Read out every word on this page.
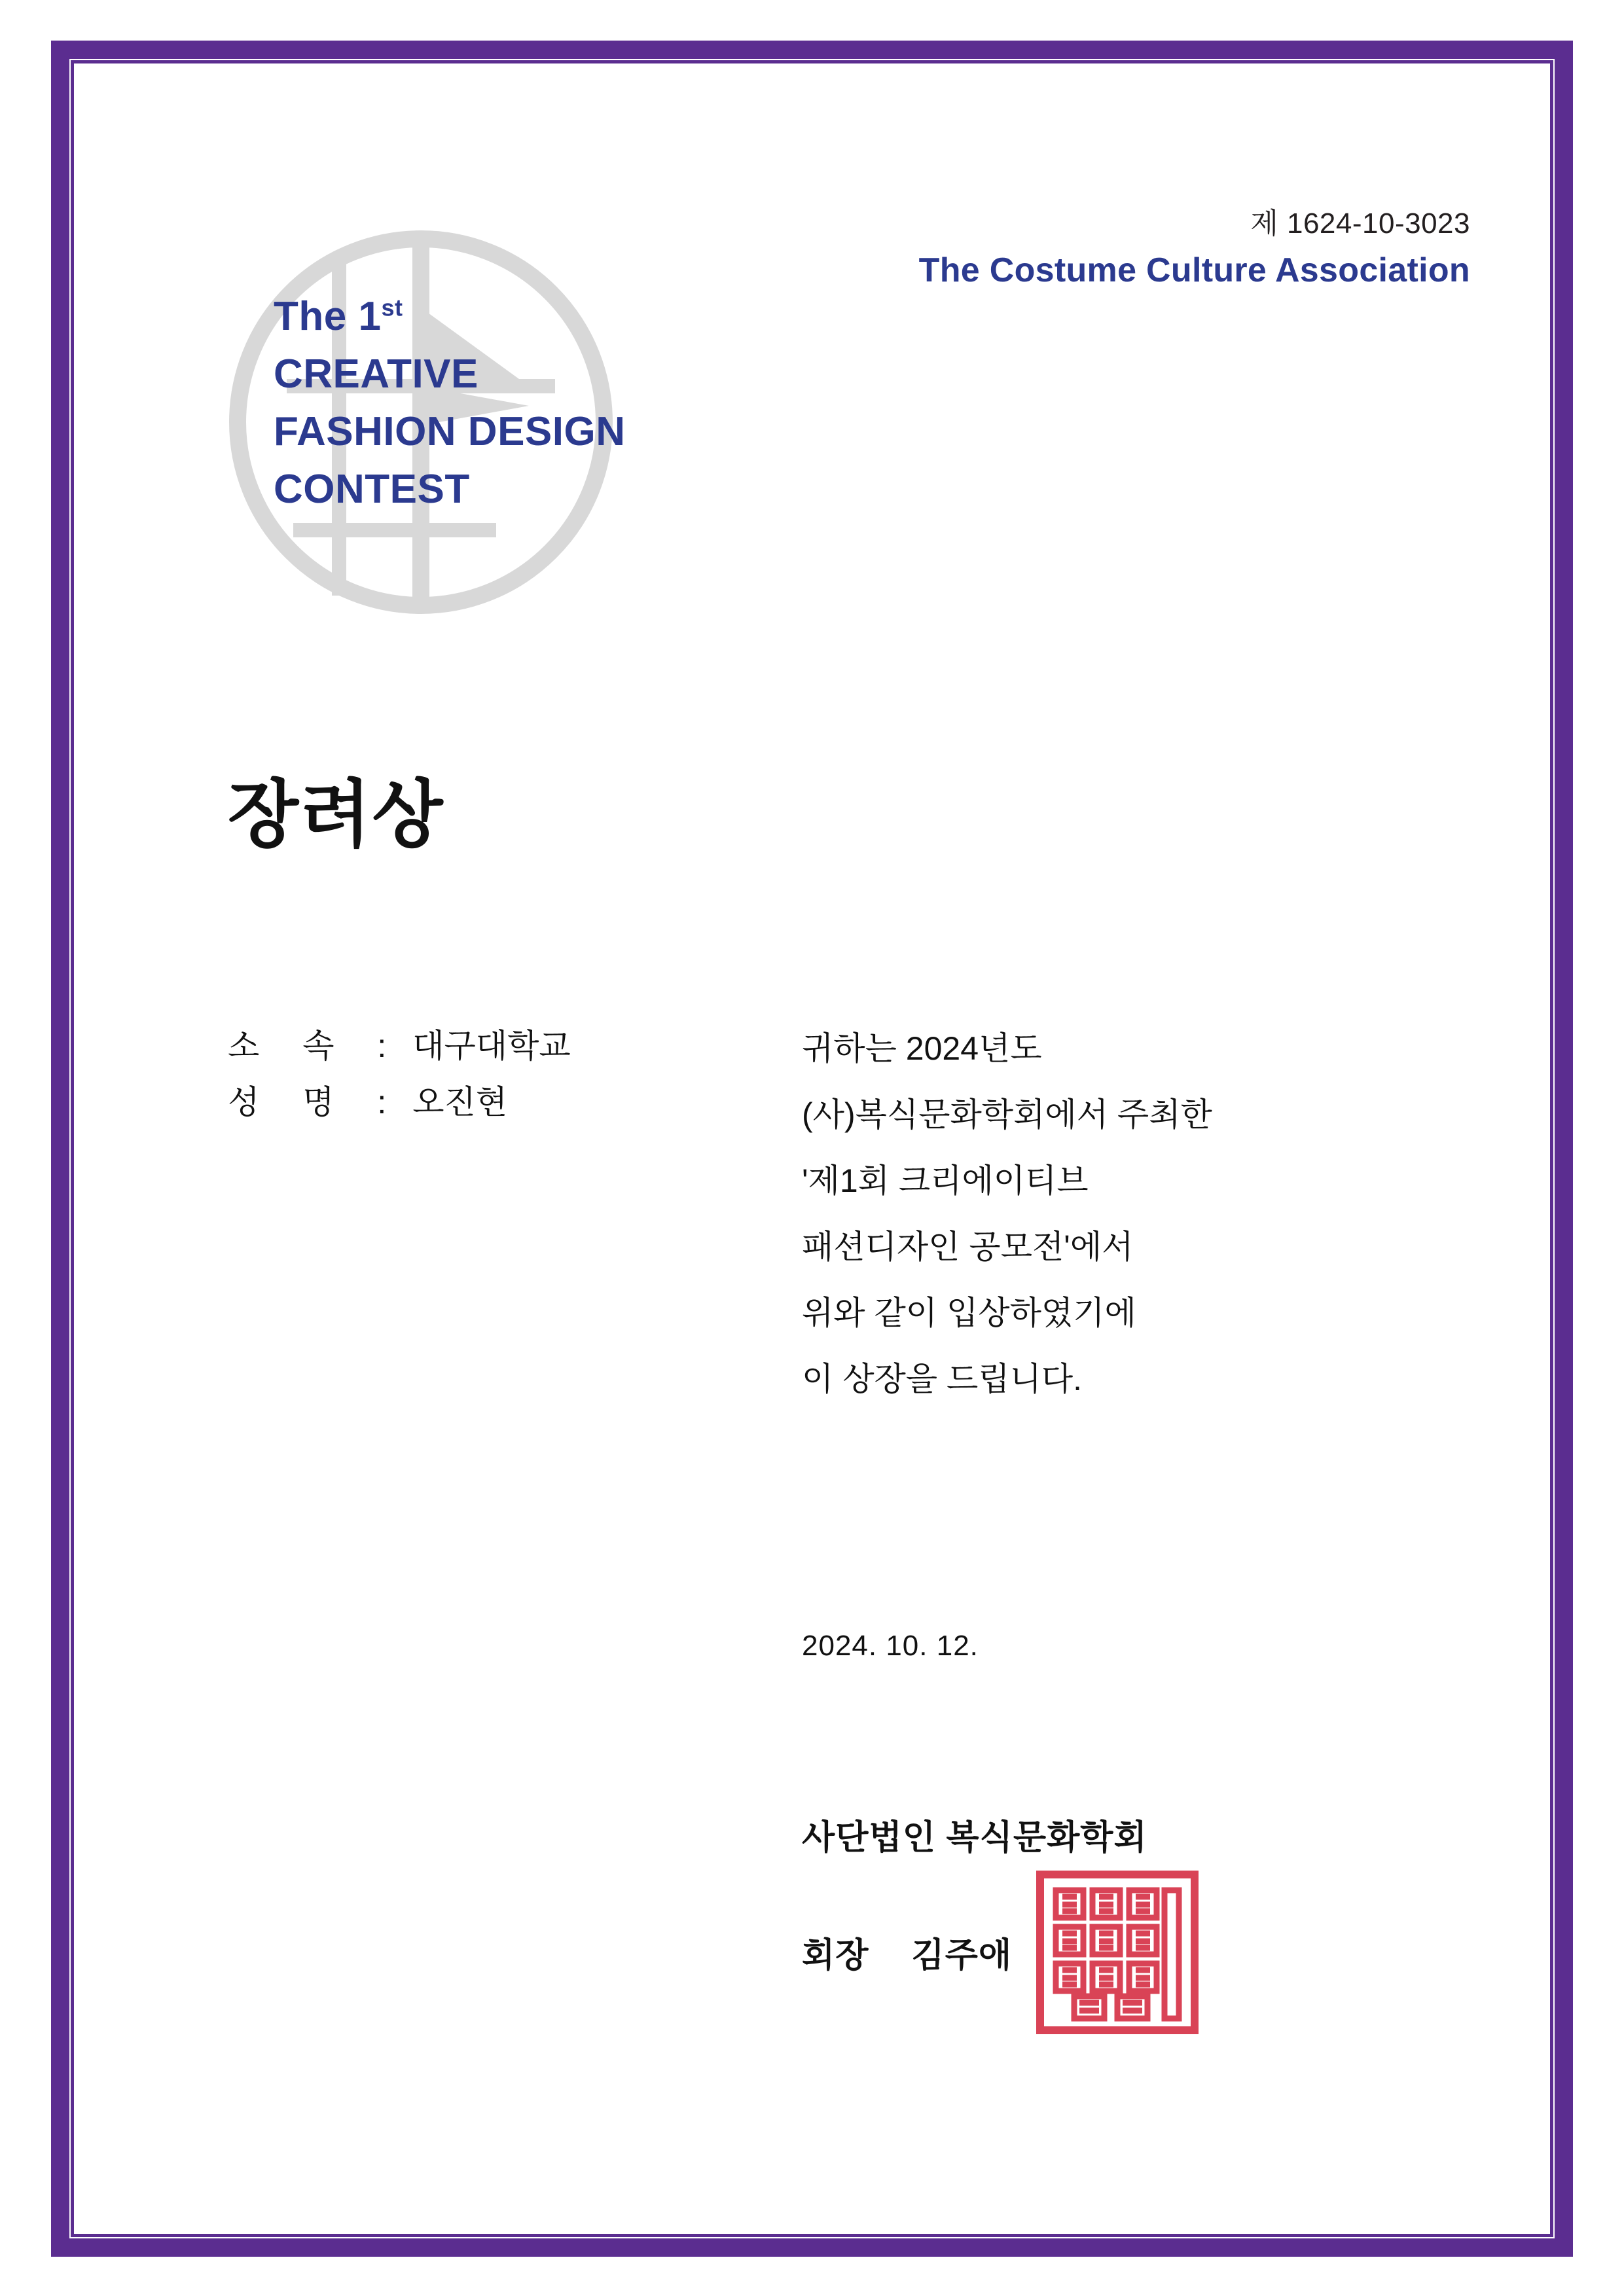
The 1st
CREATIVE
FASHION DESIGN
CONTEST
제 1624-10-3023
The Costume Culture Association
장려상
소 속 : 대구대학교
성 명 : 오진현
귀하는 2024년도
(사)복식문화학회에서 주최한
'제1회 크리에이티브
패션디자인 공모전'에서
위와 같이 입상하였기에
이 상장을 드립니다.
2024. 10. 12.
사단법인 복식문화학회
회장 김주애
